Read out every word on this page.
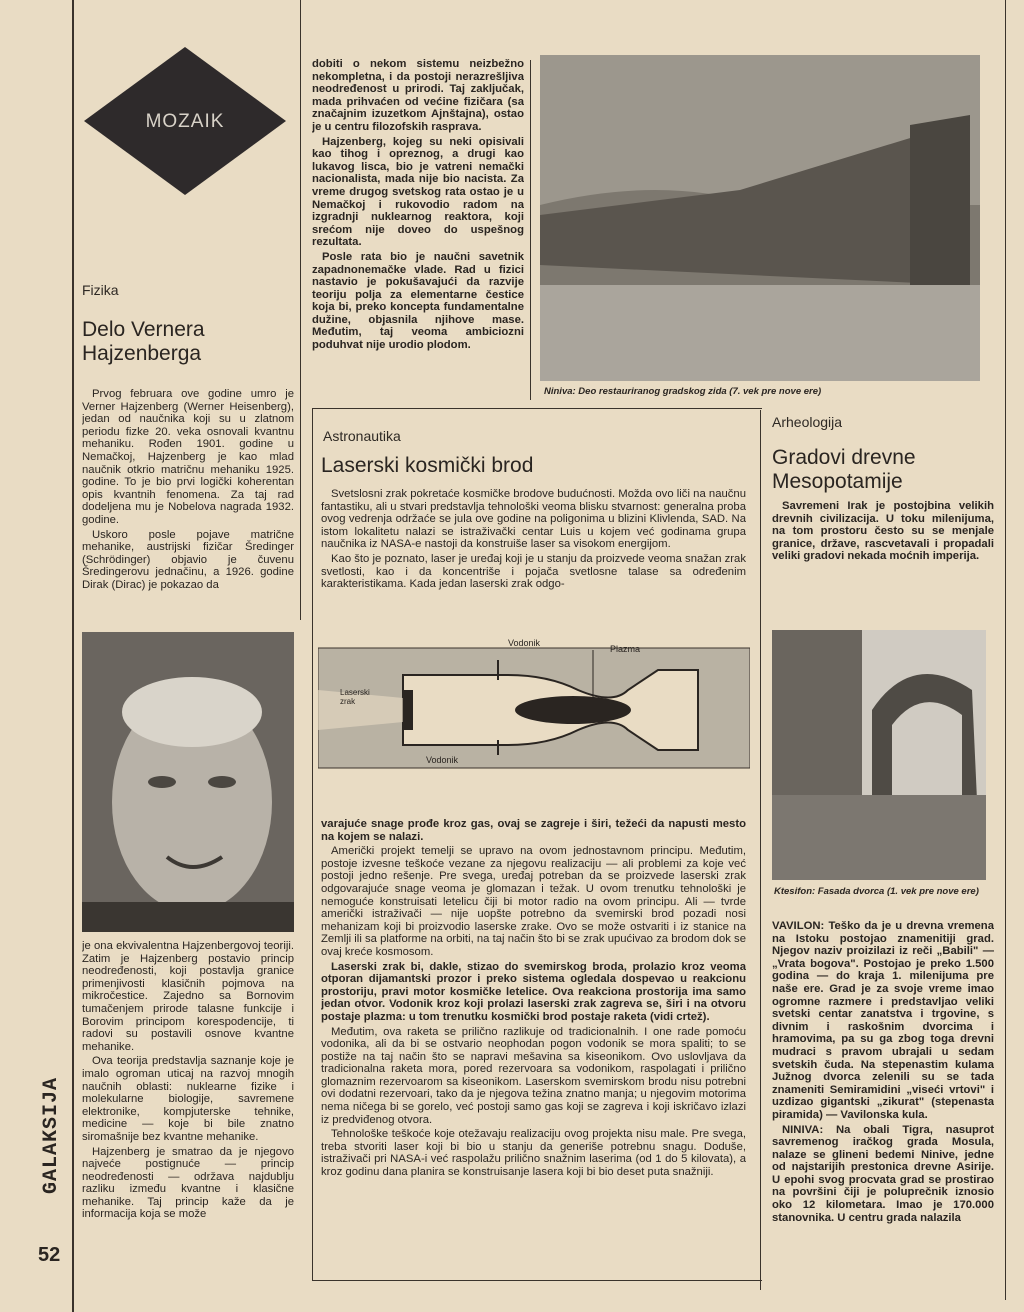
GALAKSIJA
52
MOZAIK
Fizika
Delo Vernera
Hajzenberga

Prvog februara ove godine umro je Verner Hajzenberg (Werner Heisenberg), jedan od naučnika koji su u zlatnom periodu fizke 20. veka osnovali kvantnu mehaniku. Rođen 1901. godine u Nemačkoj, Hajzenberg je kao mlad naučnik otkrio matričnu mehaniku 1925. godine. To je bio prvi logički koherentan opis kvantnih fenomena. Za taj rad dodeljena mu je Nobelova nagrada 1932. godine.

Uskoro posle pojave matrične mehanike, austrijski fizičar Šredinger (Schrödinger) objavio je čuvenu Šredingerovu jednačinu, a 1926. godine Dirak (Dirac) je pokazao da

je ona ekvivalentna Hajzenbergovoj teoriji. Zatim je Hajzenberg postavio princip neodređenosti, koji postavlja granice primenjivosti klasičnih pojmova na mikročestice. Zajedno sa Bornovim tumačenjem prirode talasne funkcije i Borovim principom korespodencije, ti radovi su postavili osnove kvantne mehanike.

Ova teorija predstavlja saznanje koje je imalo ogroman uticaj na razvoj mnogih naučnih oblasti: nuklearne fizike i molekularne biologije, savremene elektronike, kompjuterske tehnike, medicine — koje bi bile znatno siromašnije bez kvantne mehanike.

Hajzenberg je smatrao da je njegovo najveće postignuće — princip neodređenosti — održava najdublju razliku između kvantne i klasične mehanike. Taj princip kaže da je informacija koja se može

dobiti o nekom sistemu neizbežno nekompletna, i da postoji nerazrešljiva neodređenost u prirodi. Taj zaključak, mada prihvaćen od većine fizičara (sa značajnim izuzetkom Ajnštajna), ostao je u centru filozofskih rasprava.

Hajzenberg, kojeg su neki opisivali kao tihog i opreznog, a drugi kao lukavog lisca, bio je vatreni nemački nacionalista, mada nije bio nacista. Za vreme drugog svetskog rata ostao je u Nemačkoj i rukovodio radom na izgradnji nuklearnog reaktora, koji srećom nije doveo do uspešnog rezultata.

Posle rata bio je naučni savetnik zapadnonemačke vlade. Rad u fizici nastavio je pokušavajući da razvije teoriju polja za elementarne čestice koja bi, preko koncepta fundamentalne dužine, objasnila njihove mase. Međutim, taj veoma ambiciozni poduhvat nije urodio plodom.

Niniva: Deo restauriranog gradskog zida (7. vek pre nove ere)
Astronautika
Laserski kosmički brod

Svetslosni zrak pokretaće kosmičke brodove budućnosti. Možda ovo liči na naučnu fantastiku, ali u stvari predstavlja tehnološki veoma blisku stvarnost: generalna proba ovog vedrenja održaće se jula ove godine na poligonima u blizini Klivlenda, SAD. Na istom lokalitetu nalazi se istraživački centar Luis u kojem već godinama grupa naučnika iz NASA-e nastoji da konstruiše laser sa visokom energijom.

Kao što je poznato, laser je uređaj koji je u stanju da proizvede veoma snažan zrak svetlosti, kao i da koncentriše i pojača svetlosne talase sa određenim karakteristikama. Kada jedan laserski zrak odgo-

Vodonik
Plazma
Laserski
zrak
Vodonik

varajuće snage prođe kroz gas, ovaj se zagreje i širi, težeći da napusti mesto na kojem se nalazi.

Američki projekt temelji se upravo na ovom jednostavnom principu. Međutim, postoje izvesne teškoće vezane za njegovu realizaciju — ali problemi za koje već postoji jedno rešenje. Pre svega, uređaj potreban da se proizvede laserski zrak odgovarajuće snage veoma je glomazan i težak. U ovom trenutku tehnološki je nemoguće konstruisati letelicu čiji bi motor radio na ovom principu. Ali — tvrde američki istraživači — nije uopšte potrebno da svemirski brod pozadi nosi mehanizam koji bi proizvodio laserske zrake. Ovo se može ostvariti i iz stanice na Zemlji ili sa platforme na orbiti, na taj način što bi se zrak upućivao za brodom dok se ovaj kreće kosmosom.

Laserski zrak bi, dakle, stizao do svemirskog broda, prolazio kroz veoma otporan dijamantski prozor i preko sistema ogledala dospevao u reakcionu prostoriju, pravi motor kosmičke letelice. Ova reakciona prostorija ima samo jedan otvor. Vodonik kroz koji prolazi laserski zrak zagreva se, širi i na otvoru postaje plazma: u tom trenutku kosmički brod postaje raketa (vidi crtež).

Međutim, ova raketa se prilično razlikuje od tradicionalnih. I one rade pomoću vodonika, ali da bi se ostvario neophodan pogon vodonik se mora spaliti; to se postiže na taj način što se napravi mešavina sa kiseonikom. Ovo uslovljava da tradicionalna raketa mora, pored rezervoara sa vodonikom, raspolagati i prilično glomaznim rezervoarom sa kiseonikom. Laserskom svemirskom brodu nisu potrebni ovi dodatni rezervoari, tako da je njegova težina znatno manja; u njegovim motorima nema ničega bi se gorelo, već postoji samo gas koji se zagreva i koji iskričavo izlazi iz predviđenog otvora.

Tehnološke teškoće koje otežavaju realizaciju ovog projekta nisu male. Pre svega, treba stvoriti laser koji bi bio u stanju da generiše potrebnu snagu. Doduše, istraživači pri NASA-i već raspolažu prilično snažnim laserima (od 1 do 5 kilovata), a kroz godinu dana planira se konstruisanje lasera koji bi bio deset puta snažniji.

Arheologija
Gradovi drevne
Mesopotamije

Savremeni Irak je postojbina velikih drevnih civilizacija. U toku milenijuma, na tom prostoru često su se menjale granice, države, rascvetavali i propadali veliki gradovi nekada moćnih imperija.

Ktesifon: Fasada dvorca (1. vek pre nove ere)

VAVILON: Teško da je u drevna vremena na Istoku postojao znamenitiji grad. Njegov naziv proizilazi iz reči „Babili" — „Vrata bogova". Postojao je preko 1.500 godina — do kraja 1. milenijuma pre naše ere. Grad je za svoje vreme imao ogromne razmere i predstavljao veliki svetski centar zanatstva i trgovine, s divnim i raskošnim dvorcima i hramovima, pa su ga zbog toga drevni mudraci s pravom ubrajali u sedam svetskih čuda. Na stepenastim kulama Južnog dvorca zelenili su se tada znameniti Semiramidini „viseći vrtovi" i uzdizao gigantski „zikurat" (stepenasta piramida) — Vavilonska kula.

NINIVA: Na obali Tigra, nasuprot savremenog iračkog grada Mosula, nalaze se glineni bedemi Ninive, jedne od najstarijih prestonica drevne Asirije. U epohi svog procvata grad se prostirao na površini čiji je poluprečnik iznosio oko 12 kilometara. Imao je 170.000 stanovnika. U centru grada nalazila
